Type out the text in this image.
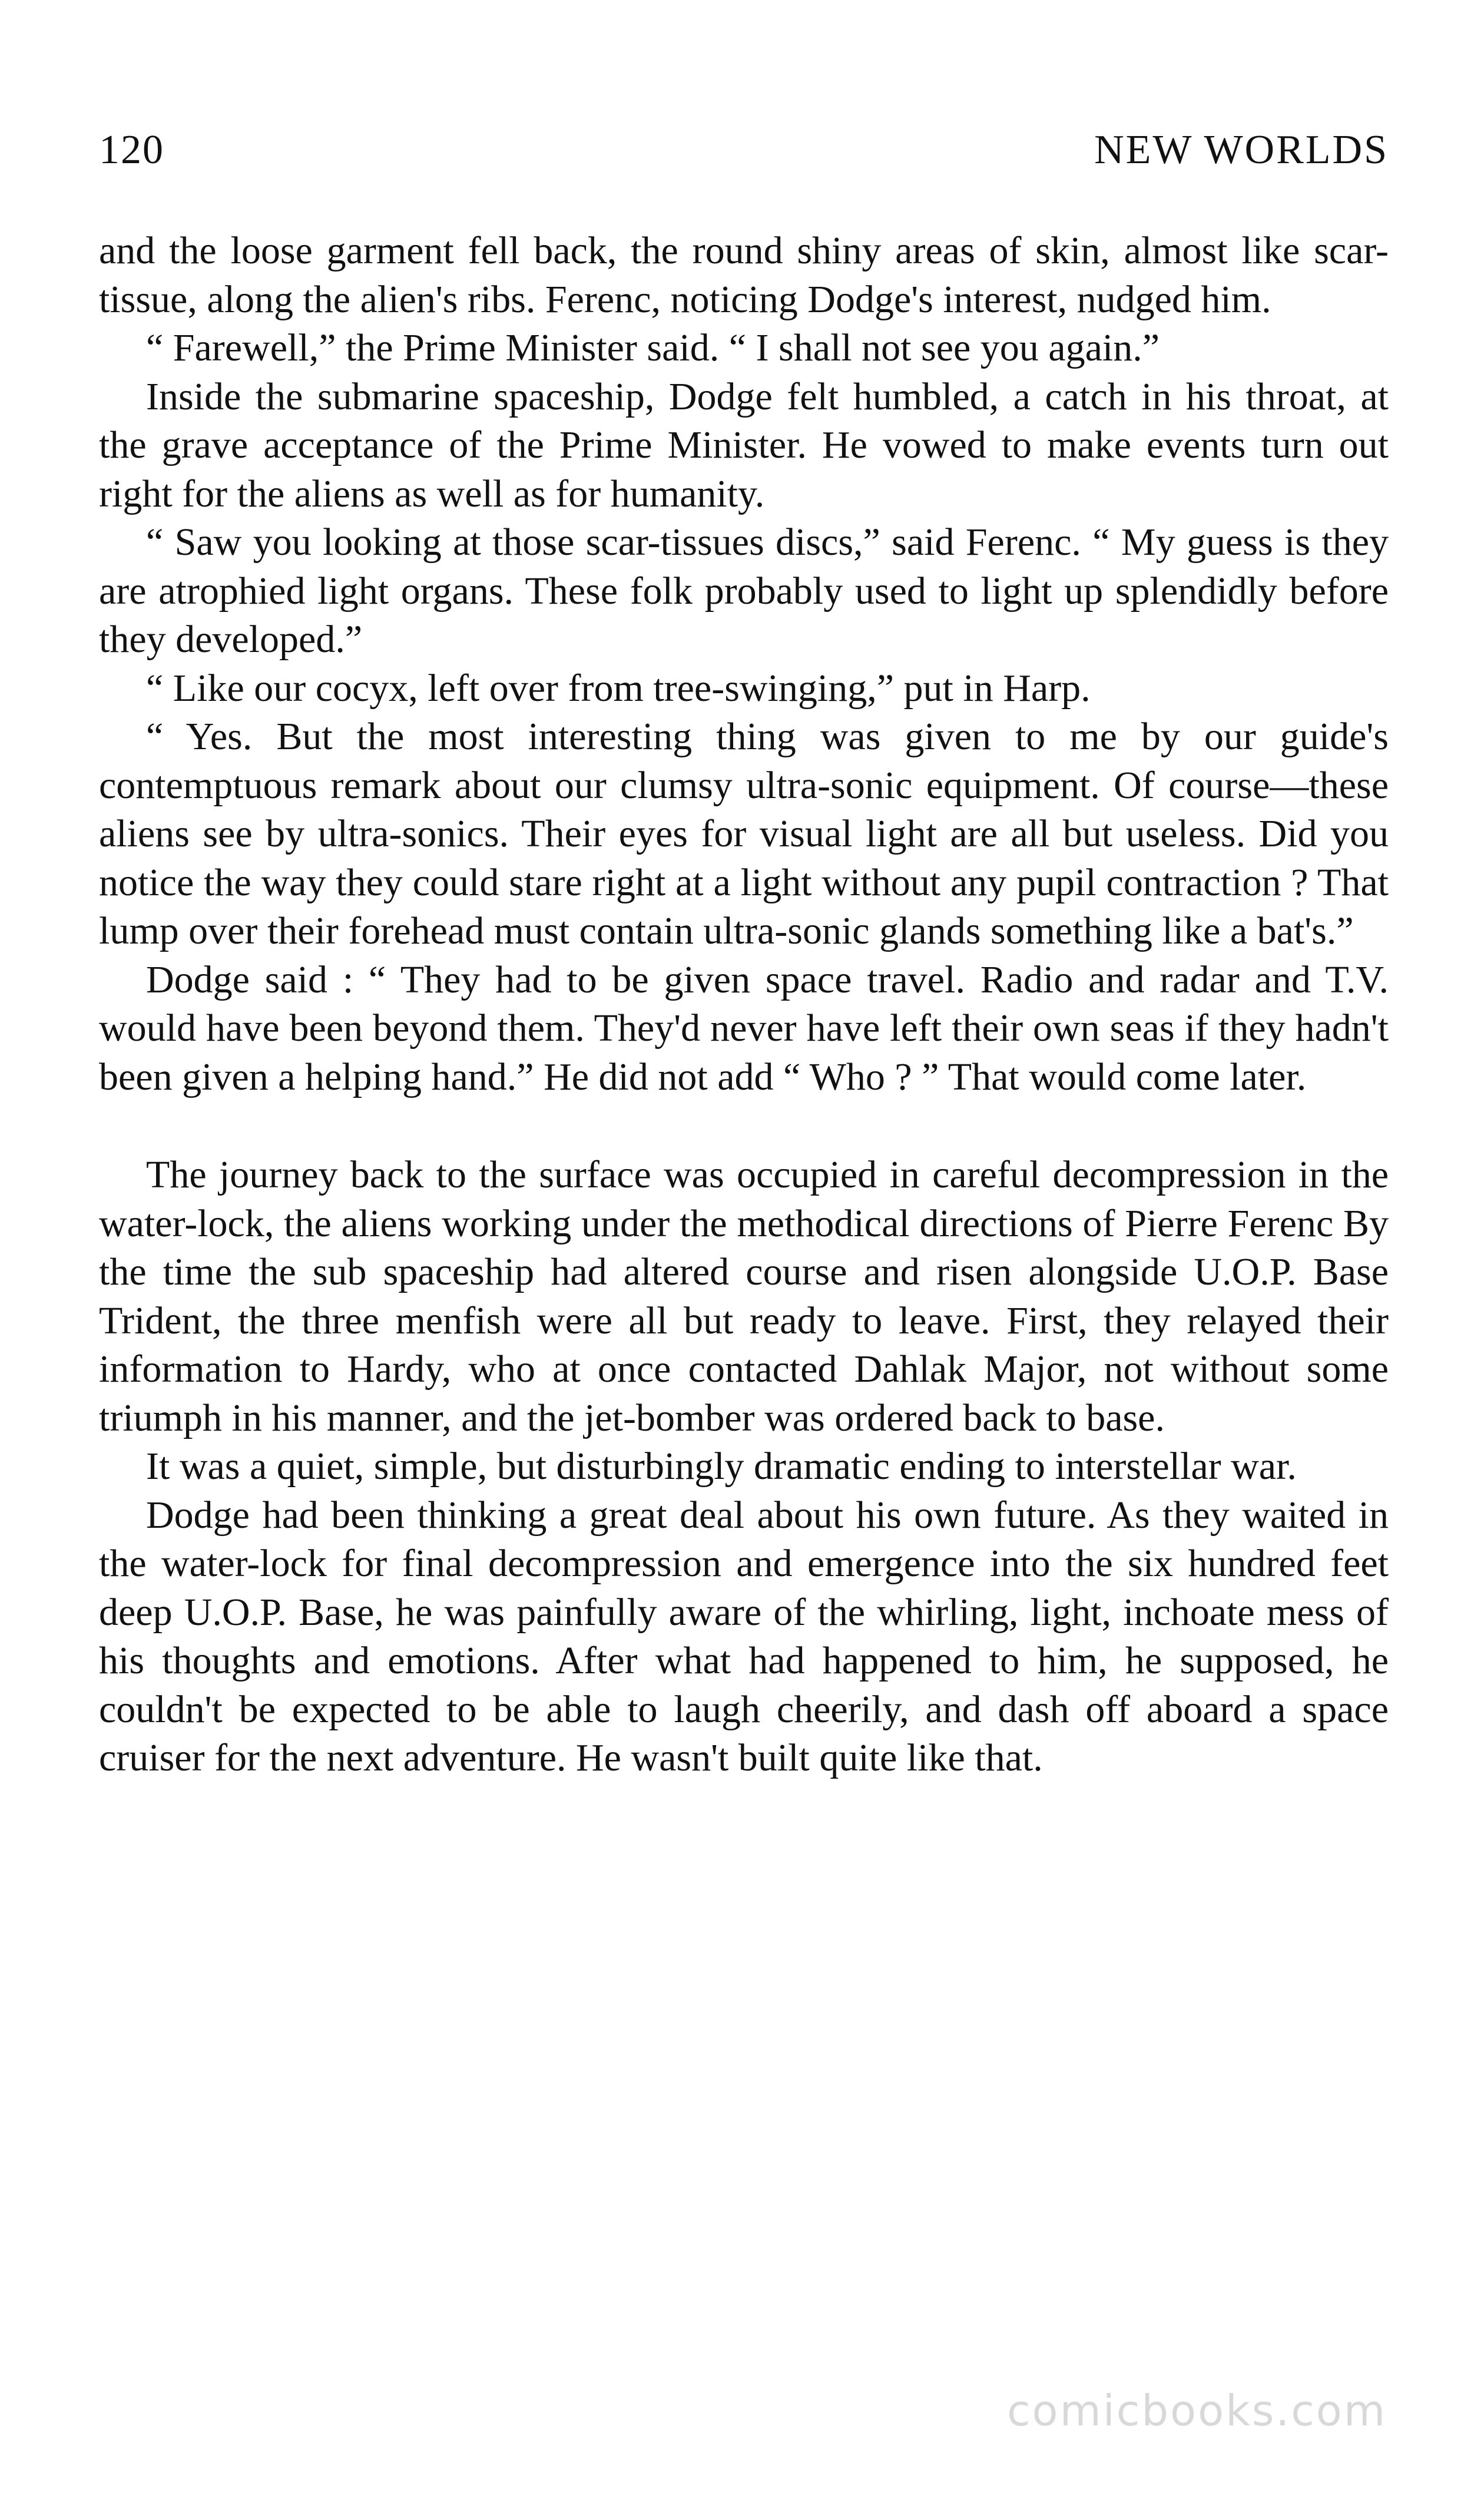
120	NEW WORLDS

and the loose garment fell back, the round shiny areas of skin, almost like scar-tissue, along the alien's ribs. Ferenc, noticing Dodge's interest, nudged him.

“ Farewell,” the Prime Minister said. “ I shall not see you again.”

Inside the submarine spaceship, Dodge felt humbled, a catch in his throat, at the grave acceptance of the Prime Minister. He vowed to make events turn out right for the aliens as well as for humanity.

“ Saw you looking at those scar-tissues discs,” said Ferenc. “ My guess is they are atrophied light organs. These folk probably used to light up splendidly before they developed.”

“ Like our cocyx, left over from tree-swinging,” put in Harp.

“ Yes. But the most interesting thing was given to me by our guide's contemptuous remark about our clumsy ultra-sonic equipment. Of course—these aliens see by ultra-sonics. Their eyes for visual light are all but useless. Did you notice the way they could stare right at a light without any pupil contraction ? That lump over their forehead must contain ultra-sonic glands something like a bat's.”

Dodge said : “ They had to be given space travel. Radio and radar and T.V. would have been beyond them. They'd never have left their own seas if they hadn't been given a helping hand.” He did not add “ Who ? ” That would come later.

The journey back to the surface was occupied in careful decompression in the water-lock, the aliens working under the methodical directions of Pierre Ferenc By the time the sub spaceship had altered course and risen alongside U.O.P. Base Trident, the three menfish were all but ready to leave. First, they relayed their information to Hardy, who at once contacted Dahlak Major, not without some triumph in his manner, and the jet-bomber was ordered back to base.

It was a quiet, simple, but disturbingly dramatic ending to interstellar war.

Dodge had been thinking a great deal about his own future. As they waited in the water-lock for final decompression and emergence into the six hundred feet deep U.O.P. Base, he was painfully aware of the whirling, light, inchoate mess of his thoughts and emotions. After what had happened to him, he supposed, he couldn't be expected to be able to laugh cheerily, and dash off aboard a space cruiser for the next adventure. He wasn't built quite like that.

comicbooks.com
